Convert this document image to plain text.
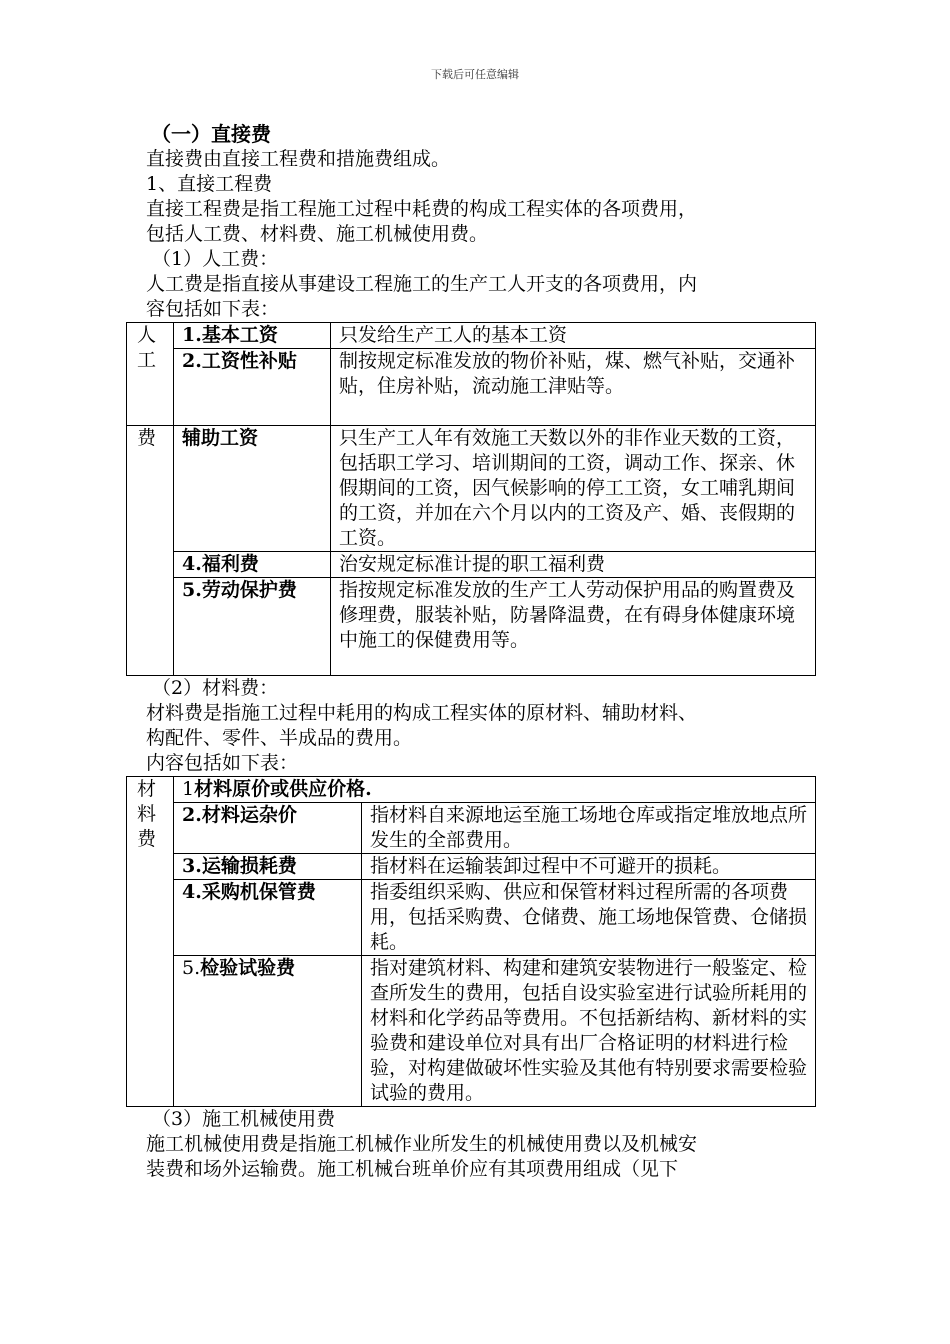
下载后可任意编辑

（一）直接费

直接费由直接工程费和措施费组成。

1、直接工程费

直接工程费是指工程施工过程中耗费的构成工程实体的各项费用，

包括人工费、材料费、施工机械使用费。

（1）人工费：

人工费是指直接从事建设工程施工的生产工人开支的各项费用，内

容包括如下表：

人
工	1.基本工资	只发给生产工人的基本工资
	2.工资性补贴	制按规定标准发放的物价补贴，煤、燃气补贴，交通补贴，住房补贴，流动施工津贴等。
费	辅助工资	只生产工人年有效施工天数以外的非作业天数的工资，包括职工学习、培训期间的工资，调动工作、探亲、休假期间的工资，因气候影响的停工工资，女工哺乳期间的工资，并加在六个月以内的工资及产、婚、丧假期的工资。
	4.福利费	治安规定标准计提的职工福利费
	5.劳动保护费	指按规定标准发放的生产工人劳动保护用品的购置费及修理费，服装补贴，防暑降温费，在有碍身体健康环境中施工的保健费用等。

（2）材料费：

材料费是指施工过程中耗用的构成工程实体的原材料、辅助材料、

构配件、零件、半成品的费用。

内容包括如下表：

材
料
费	1材料原价或供应价格.	
	2.材料运杂价	指材料自来源地运至施工场地仓库或指定堆放地点所发生的全部费用。
	3.运输损耗费	指材料在运输装卸过程中不可避开的损耗。
	4.采购机保管费	指委组织采购、供应和保管材料过程所需的各项费用，包括采购费、仓储费、施工场地保管费、仓储损耗。
	5.检验试验费	指对建筑材料、构建和建筑安装物进行一般鉴定、检查所发生的费用，包括自设实验室进行试验所耗用的材料和化学药品等费用。不包括新结构、新材料的实验费和建设单位对具有出厂合格证明的材料进行检验，对构建做破坏性实验及其他有特别要求需要检验试验的费用。

（3）施工机械使用费

施工机械使用费是指施工机械作业所发生的机械使用费以及机械安

装费和场外运输费。施工机械台班单价应有其项费用组成（见下
